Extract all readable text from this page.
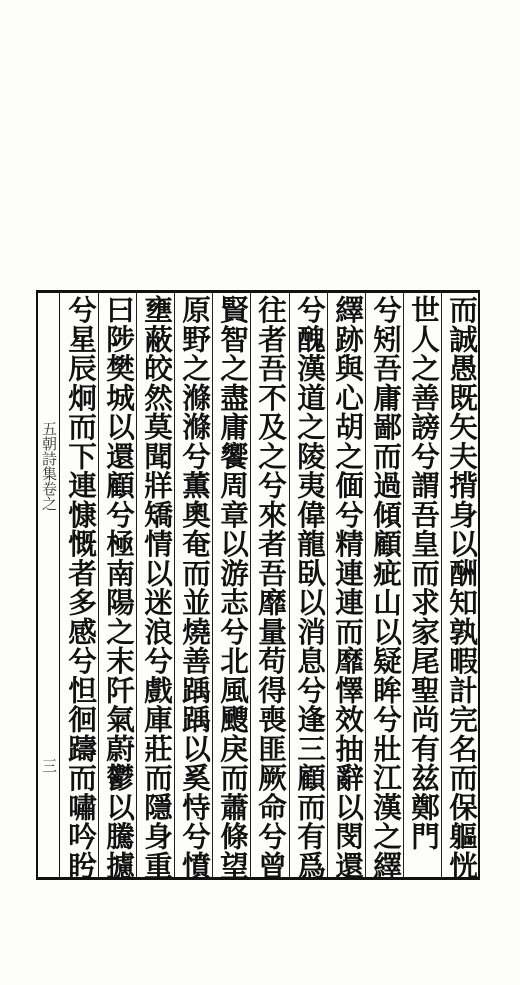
五朝詩集卷之
三	而誠愚既矢夫揹身以酬知孰暇計完名而保軀恍
世人之善謗兮謂吾皇而求家尾聖尚有兹鄭門
兮矧吾庸鄙而過傾顧疵山以疑眸兮壯江漢之繹
繹跡與心胡之偭兮精連連而靡懌效抽辭以閔還
兮醜漢道之陵夷偉龍臥以消息兮逢三顧而有爲
往者吾不及之兮來者吾靡量苟得喪匪厥命兮曾
賢智之盡庸饗周章以游志兮北風颼戾而蕭條望
原野之滌滌兮薫奧奄而並燒善踽踽以奚恃兮憤
壅蔽皎然莫聞牂矯情以迷浪兮戲庫莊而隱身重
曰陟樊城以還顧兮極南陽之末阡氣蔚鬱以騰攄
兮星辰炯而下連慷慨者多感兮怛徊躊而嘯吟盻
